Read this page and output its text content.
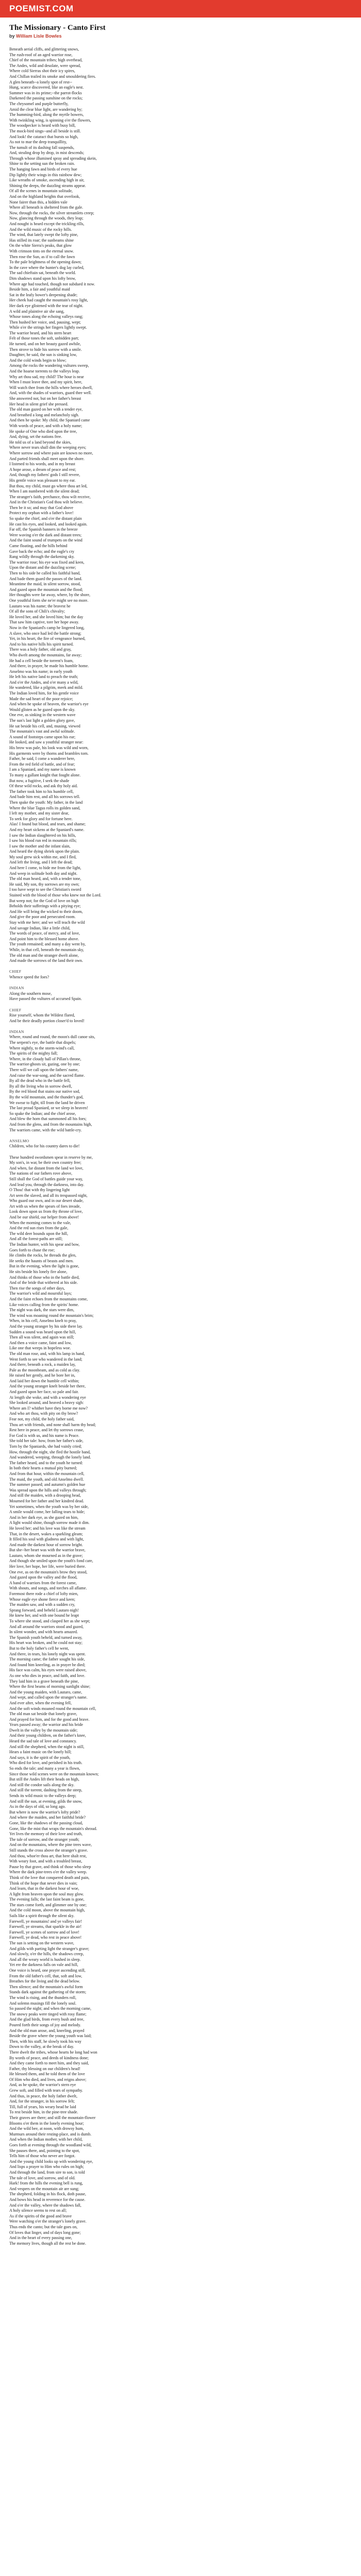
POEMIST.COM
The Missionary - Canto First
by William Lisle Bowles
Beneath aerial cliffs, and glittering snows,
The rush-roof of an aged warrior rose,
Chief of the mountain tribes; high overhead,
The Andes, wild and desolate, were spread,
Where cold Sierras shot their icy spires,
And Chillan trailed its smoke and smouldering fires.
A glen beneath--a lonely spot of rest--
Hung, scarce discovered, like an eagle's nest.
Summer was in its prime;--the parrot-flocks
Darkened the passing sunshine on the rocks;
The chrysomel and purple butterfly,
Amid the clear blue light, are wandering by;
The humming-bird, along the myrtle bowers,
With twinkling wing, is spinning o'er the flowers,
The woodpecker is heard with busy bill,
The mock-bird sings--and all beside is still.
And look! the cataract that bursts so high,
As not to mar the deep tranquillity,
The tumult of its dashing fall suspends,
And, stealing drop by drop, in mist descends;
Through whose illumined spray and spreading skein,
Shine to the setting sun the broken rain.
The hanging fawn and birds of every hue
Dip lightly their wings in this rainbow dew;
Like wreaths of smoke, ascending high in air,
Shining the deeps, the dazzling steams appear.
Of all the scenes in mountain solitude,
And on the highland heights that overlook,
None fairer than this, a hidden vale
Where all beneath is sheltered from the gale.
Now, through the rocks, the silver streamlets creep;
Now, glancing through the woods, they leap;
And nought is heard except the trickling rills,
And the wild music of the rocky hills.
The wind, that lately swept the lofty pine,
Has stilled its roar; the sunbeams shine
On the white Sierra's peaks, that glow
With crimson tints on the eternal snow.
Then rose the Sun, as if to call the fawn
To the pale brightness of the opening dawn;
In the cave where the hunter's dog lay curled,
The sad chieftain sat, beneath the world.
Dim shadows stand upon his lofty brow,
Where age had touched, though not subdued it now.
Beside him, a fair and youthful maid
Sat in the leafy bower's deepening shade;
Her cheek had caught the mountain's rosy light,
Her dark eye glistened with the tear of night.
A wild and plaintive air she sang,
Whose tones along the echoing valleys rang;
Then hushed her voice, and, pausing, wept;
While o'er the strings her fingers lightly swept.
The warrior heard, and his stern heart
Felt of those tones the soft, unbidden part;
He turned, and on her beauty gazed awhile,
Then strove to hide his sorrow with a smile.
Daughter, he said, the sun is sinking low,
And the cold winds begin to blow;
Among the rocks the wandering vultures sweep,
And the hoarse torrents to the valleys leap.
Why art thou sad, my child? The hour is near
When I must leave thee, and my spirit, here,
Will watch thee from the hills where heroes dwell,
And, with the shades of warriors, guard thee well.
She answered not, but on her father's breast
Her head in silent grief she pressed.
The old man gazed on her with a tender eye,
And breathed a long and melancholy sigh.
And then he spoke: My child, the Spaniard came
With words of peace, and with a holy name;
He spoke of One who died upon the tree,
And, dying, set the nations free.
He told us of a land beyond the skies,
Where never tears shall dim the weeping eyes;
Where sorrow and where pain are known no more,
And parted friends shall meet upon the shore.
I listened to his words, and in my breast
A hope arose, a dream of peace and rest;
And, though my fathers' gods I still revere,
His gentle voice was pleasant to my ear.
But thou, my child, must go where thou art led,
When I am numbered with the silent dead;
The stranger's faith, perchance, thou wilt receive,
And in the Christian's God thou wilt believe.
Then be it so; and may that God above
Protect my orphan with a father's love!
So spake the chief, and o'er the distant plain
He cast his eyes, and looked, and looked again.
Far off, the Spanish banners in the breeze
Were waving o'er the dark and distant trees;
And the faint sound of trumpets on the wind
Came floating, and the hills behind
Gave back the echo; and the eagle's cry
Rang wildly through the darkening sky.
The warrior rose; his eye was fixed and keen,
Upon the distant and the dazzling scene;
Then to his side he called his faithful band,
And bade them guard the passes of the land.
Meantime the maid, in silent sorrow, stood,
And gazed upon the mountain and the flood;
Her thoughts were far away, where, by the shore,
One youthful form she ne'er might see no more.
Lautaro was his name; the bravest he
Of all the sons of Chili's chivalry;
He loved her, and she loved him; but the day
That saw him captive, tore her hope away.
Now in the Spaniard's camp he lingered long,
A slave, who once had led the battle strong;
Yet, in his heart, the fire of vengeance burned,
And to his native hills his spirit turned.
There was a holy father, old and gray,
Who dwelt among the mountains, far away;
He had a cell beside the torrent's foam,
And there, in prayer, he made his humble home.
Anselmo was his name; in early youth
He left his native land to preach the truth;
And o'er the Andes, and o'er many a wild,
He wandered, like a pilgrim, meek and mild.
The Indian loved him, for his gentle voice
Made the sad heart of the poor rejoice;
And when he spoke of heaven, the warrior's eye
Would glisten as he gazed upon the sky.
One eve, as sinking in the western wave
The sun's last light a golden glory gave,
He sat beside his cell, and, musing, viewed
The mountain's vast and awful solitude.
A sound of footsteps came upon his ear;
He looked, and saw a youthful stranger near:
His brow was pale, his look was wild and worn,
His garments were by thorns and brambles torn.
Father, he said, I come a wanderer here,
From the red field of battle, and of fear;
I am a Spaniard, and my name is known
To many a gallant knight that fought alone.
But now, a fugitive, I seek the shade
Of these wild rocks, and ask thy holy aid.
The father took him to his humble cell,
And bade him rest, and all his sorrows tell.
Then spake the youth: My father, in the land
Where the blue Tagus rolls its golden sand,
I left my mother, and my sister dear,
To seek for glory and for fortune here.
Alas! I found but blood, and tears, and shame;
And my heart sickens at the Spaniard's name.
I saw the Indian slaughtered on his hills,
I saw his blood run red in mountain rills;
I saw the mother and the infant slain,
And heard the dying shriek upon the plain.
My soul grew sick within me, and I fled,
And left the living, and I left the dead;
And here I come, to hide me from the light,
And weep in solitude both day and night.
The old man heard, and, with a tender tone,
He said, My son, thy sorrows are my own;
I too have wept to see the Christian's sword
Stained with the blood of those who knew not the Lord.
But weep not; for the God of love on high
Beholds their sufferings with a pitying eye;
And He will bring the wicked to their doom,
And give the poor and persecuted room.
Stay with me here; and we will teach the wild
And savage Indian, like a little child,
The words of peace, of mercy, and of love,
And point him to the blessed home above.
The youth remained; and many a day went by,
While, in that cell, beneath the mountain sky,
The old man and the stranger dwelt alone,
And made the sorrows of the land their own.
CHIEF
Whence speed the foes?
INDIAN
Along the southern mose,
Have passed the vultures of accursed Spain.
CHIEF
Rise yourself, whom the Wildest flared,
And be their deadly portion closer'd to loved!
INDIAN
Where, round and round, the moon's dull canoe sits,
The serpent's eye, the battle that dispels;
Where nightly, to the storm-wind's call,
The spirits of the mighty fall;
Where, in the cloudy hall of Pillan's throne,
The warrior-ghosts sit, gazing, one by one;
There will we call upon the fathers' name,
And raise the war-song, and the sacred flame.
By all the dead who in the battle fell,
By all the living who in sorrow dwell,
By the red blood that stains our native sod,
By the wild mountain, and the thunder's god,
We swear to fight, till from the land be driven
The last proud Spaniard, or we sleep in heaven!
So spake the Indian; and the chief arose,
And blew the horn that summoned all his foes;
And from the glens, and from the mountains high,
The warriors came, with the wild battle-cry.
ANSELMO
Children, who for his country dares to die!
These hundred swordsmen spear in reserve by me,
My son's, in war, be their own country free;
And when, far distant from the land we love,
The nations of our fathers rove above,
Still shall the God of battles guide your way,
And lead you, through the darkness, into day.
O Thou! that with thy lingering light
Art seen the slaved, and all its trespassed night,
Who guard our own, and in our desert shade,
Art with us when the spears of foes invade,
Look down upon us from thy throne of love,
And be our shield, our helper from above!
When the morning comes to the vale,
And the red sun rises from the gale,
The wild deer bounds upon the hill,
And all the forest-paths are still;
The Indian hunter, with his spear and bow,
Goes forth to chase the roe;
He climbs the rocks, he threads the glen,
He seeks the haunts of beasts and men.
But in the evening, when the light is gone,
He sits beside his lonely fire alone,
And thinks of those who in the battle died,
And of the bride that withered at his side.
Then rise the songs of other days,
The warrior's wild and mournful lays;
And the faint echoes from the mountains come,
Like voices calling from the spirits' home.
The night was dark, the stars were dim,
The wind was moaning round the mountain's brim;
When, in his cell, Anselmo knelt to pray,
And the young stranger by his side there lay.
Sudden a sound was heard upon the hill,
Then all was silent, and again was still;
And then a voice came, faint and low,
Like one that weeps in hopeless woe.
The old man rose, and, with his lamp in hand,
Went forth to see who wandered in the land;
And there, beneath a rock, a maiden lay,
Pale as the moonbeam, and as cold as clay.
He raised her gently, and he bore her in,
And laid her down the humble cell within;
And the young stranger knelt beside her there,
And gazed upon her face, so pale and fair.
At length she woke, and with a wondering eye
She looked around, and heaved a heavy sigh:
Where am I? whither have they borne me now?
And who art thou, with pity on thy brow?
Fear not, my child, the holy father said,
Thou art with friends, and none shall harm thy head;
Rest here in peace, and let thy sorrows cease,
For God is with us, and his name is Peace.
She told her tale: how, from her father's side,
Torn by the Spaniards, she had vainly cried;
How, through the night, she fled the hostile band,
And wandered, weeping, through the lonely land.
The father heard, and to the youth he turned:
In both their hearts a mutual pity burned;
And from that hour, within the mountain cell,
The maid, the youth, and old Anselmo dwell.
The summer passed; and autumn's golden hue
Was spread upon the hills and valleys through;
And still the maiden, with a drooping head,
Mourned for her father and her kindred dead.
Yet sometimes, when the youth was by her side,
A smile would come, her falling tears to hide;
And in her dark eye, as she gazed on him,
A light would shine, though sorrow made it dim.
He loved her; and his love was like the stream
That, in the desert, wakes a sparkling gleam;
It filled his soul with gladness and with light,
And made the darkest hour of sorrow bright.
But she--her heart was with the warrior brave,
Lautaro, whom she mourned as in the grave;
And though she smiled upon the youth's fond care,
Her love, her hope, her life, were buried there.
One eve, as on the mountain's brow they stood,
And gazed upon the valley and the flood,
A band of warriors from the forest came,
With shouts, and songs, and torches all aflame.
Foremost there rode a chief of lofty mien,
Whose eagle eye shone fierce and keen;
The maiden saw, and with a sudden cry,
Sprang forward, and beheld Lautaro nigh!
He knew her, and with one bound he leapt
To where she stood, and clasped her as she wept;
And all around the warriors stood and gazed,
In silent wonder, and with hearts amazed.
The Spanish youth beheld, and turned away,
His heart was broken, and he could not stay;
But to the holy father's cell he went,
And there, in tears, his lonely night was spent.
The morning came; the father sought his side,
And found him kneeling, as in prayer he died;
His face was calm, his eyes were raised above,
As one who dies in peace, and faith, and love.
They laid him in a grave beneath the pine,
Where the first beams of morning sunlight shine;
And the young maiden, with Lautaro, came,
And wept, and called upon the stranger's name.
And ever after, when the evening fell,
And the soft winds moaned round the mountain cell,
The old man sat beside that lonely grave,
And prayed for him, and for the good and brave.
Years passed away; the warrior and his bride
Dwelt in the valley by the mountain side;
And their young children, on the father's knee,
Heard the sad tale of love and constancy.
And still the shepherd, when the night is still,
Hears a faint music on the lonely hill;
And says, it is the spirit of the youth,
Who died for love, and perished in his truth.
So ends the tale; and many a year is flown,
Since those wild scenes were on the mountain known;
But still the Andes lift their heads on high,
And still the condor sails along the sky.
And still the torrent, dashing from the steep,
Sends its wild music to the valleys deep;
And still the sun, at evening, gilds the snow,
As in the days of old, so long ago.
But where is now the warrior's lofty pride?
And where the maiden, and her faithful bride?
Gone, like the shadows of the passing cloud,
Gone, like the mist that wraps the mountain's shroud.
Yet lives the memory of their love and truth,
The tale of sorrow, and the stranger youth;
And on the mountains, where the pine trees wave,
Still stands the cross above the stranger's grave.
And thou, whoe'er thou art, that here shalt rest,
With weary foot, and with a troubled breast,
Pause by that grave, and think of those who sleep
Where the dark pine-trees o'er the valley weep.
Think of the love that conquered death and pain,
Think of the hope that never dies in vain;
And learn, that in the darkest hour of woe,
A light from heaven upon the soul may glow.
The evening falls; the last faint beam is gone,
The stars come forth, and glimmer one by one;
And the cold moon, above the mountain high,
Sails like a spirit through the silent sky.
Farewell, ye mountains! and ye valleys fair!
Farewell, ye streams, that sparkle in the air!
Farewell, ye scenes of sorrow and of love!
Farewell, ye dead, who rest in peace above!
The sun is setting on the western wave,
And gilds with parting light the stranger's grave;
And slowly, o'er the hills, the shadows creep,
And all the weary world is hushed in sleep.
Yet ere the darkness falls on vale and hill,
One voice is heard, one prayer ascending still,
From the old father's cell, that, soft and low,
Breathes for the living and the dead below.
Then silence; and the mountain's awful form
Stands dark against the gathering of the storm;
The wind is rising, and the thunders roll,
And solemn musings fill the lonely soul.
So passed the night; and when the morning came,
The snowy peaks were tinged with rosy flame;
And the glad birds, from every bush and tree,
Poured forth their songs of joy and melody.
And the old man arose, and, kneeling, prayed
Beside the grave where the young youth was laid;
Then, with his staff, he slowly took his way
Down to the valley, at the break of day.
There dwelt the tribes, whose hearts he long had won
By words of peace, and deeds of kindness done;
And they came forth to meet him, and they said,
Father, thy blessing on our children's head!
He blessed them, and he told them of the love
Of Him who died, and lives, and reigns above;
And, as he spoke, the warrior's stern eye
Grew soft, and filled with tears of sympathy.
And thus, in peace, the holy father dwelt,
And, for the stranger, in his sorrow felt;
Till, full of years, his weary head he laid
To rest beside him, in the pine-tree shade.
Their graves are there; and still the mountain-flower
Blooms o'er them in the lonely evening hour;
And the wild bee, at noon, with drowsy hum,
Murmurs around their resting-place, and is dumb.
And when the Indian mother, with her child,
Goes forth at evening through the woodland wild,
She pauses there, and, pointing to the spot,
Tells him of those who never are forgot.
And the young child looks up with wondering eye,
And lisps a prayer to Him who rules on high;
And through the land, from sire to son, is told
The tale of love, and sorrow, and of old.
Hark! from the hills the evening bell is rung,
And vespers on the mountain air are sung;
The shepherd, folding in his flock, doth pause,
And bows his head in reverence for the cause.
And o'er the valley, where the shadows fall,
A holy silence seems to rest on all;
As if the spirits of the good and brave
Were watching o'er the stranger's lonely grave.
Thus ends the canto; but the tale goes on,
Of loves that linger, and of days long gone;
And in the heart of every passing one,
The memory lives, though all the rest be done.
